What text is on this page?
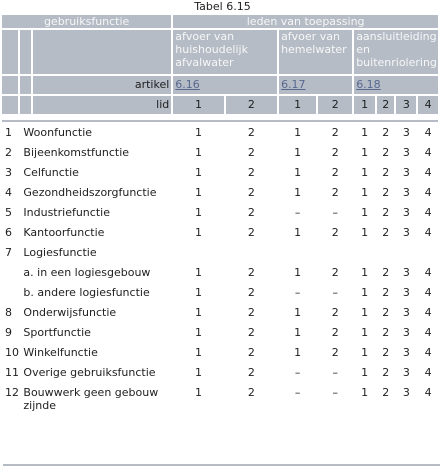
Tabel 6.15
gebruiksfunctie			leden van toepassing							
			afvoer van huishoudelijk afvalwater		afvoer van hemelwater		aansluitleiding en buitenriolering			
		artikel	6.16		6.17		6.18			
		lid	1	2	1	2	1	2	3	4

1	Woonfunctie		1	2	1	2	1	2	3	4
2	Bijeenkomstfunctie		1	2	1	2	1	2	3	4
3	Celfunctie		1	2	1	2	1	2	3	4
4	Gezondheidszorgfunctie		1	2	1	2	1	2	3	4
5	Industriefunctie		1	2	–	–	1	2	3	4
6	Kantoorfunctie		1	2	1	2	1	2	3	4
7	Logiesfunctie									
	a. in een logiesgebouw		1	2	1	2	1	2	3	4
	b. andere logiesfunctie		1	2	–	–	1	2	3	4
8	Onderwijsfunctie		1	2	1	2	1	2	3	4
9	Sportfunctie		1	2	1	2	1	2	3	4
10	Winkelfunctie		1	2	1	2	1	2	3	4
11	Overige gebruiksfunctie		1	2	–	–	1	2	3	4
12	Bouwwerk geen gebouw zijnde		1	2	–	–	1	2	3	4
